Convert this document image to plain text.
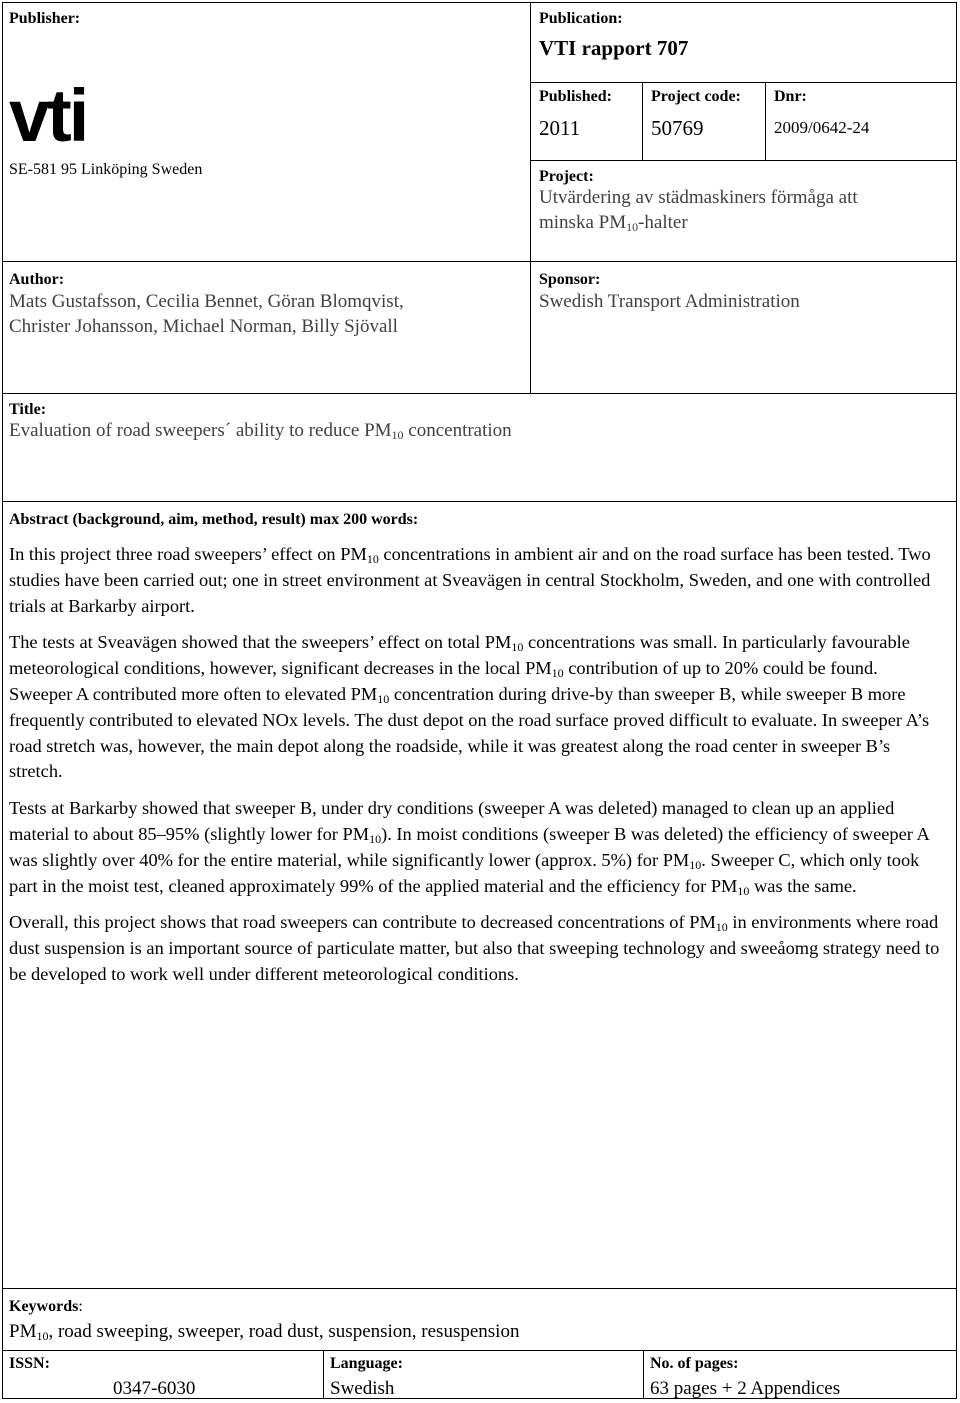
Publisher:
vti
SE-581 95 Linköping Sweden
Publication:
VTI rapport 707
Published:
2011
Project code:
50769
Dnr:
2009/0642-24
Project:
Utvärdering av städmaskiners förmåga att
minska $PM_{10}$-halter
Author:
Mats Gustafsson, Cecilia Bennet, Göran Blomqvist,
Christer Johansson, Michael Norman, Billy Sjövall
Sponsor:
Swedish Transport Administration
Title:
Evaluation of road sweepers´ ability to reduce $PM_{10}$ concentration
Abstract (background, aim, method, result) max 200 words:

In this project three road sweepers’ effect on $PM_{10}$ concentrations in ambient air and on the road surface has been tested. Two studies have been carried out; one in street environment at Sveavägen in central Stockholm, Sweden, and one with controlled trials at Barkarby airport.

The tests at Sveavägen showed that the sweepers’ effect on total $PM_{10}$ concentrations was small. In particularly favourable meteorological conditions, however, significant decreases in the local $PM_{10}$ contribution of up to 20% could be found. Sweeper A contributed more often to elevated $PM_{10}$ concentration during drive-by than sweeper B, while sweeper B more frequently contributed to elevated NOx levels. The dust depot on the road surface proved difficult to evaluate. In sweeper A’s road stretch was, however, the main depot along the roadside, while it was greatest along the road center in sweeper B’s stretch.

Tests at Barkarby showed that sweeper B, under dry conditions (sweeper A was deleted) managed to clean up an applied material to about 85–95% (slightly lower for $PM_{10}$). In moist conditions (sweeper B was deleted) the efficiency of sweeper A was slightly over 40% for the entire material, while significantly lower (approx. 5%) for $PM_{10}$. Sweeper C, which only took part in the moist test, cleaned approximately 99% of the applied material and the efficiency for $PM_{10}$ was the same.

Overall, this project shows that road sweepers can contribute to decreased concentrations of $PM_{10}$ in environments where road dust suspension is an important source of particulate matter, but also that sweeping technology and sweeåomg strategy need to be developed to work well under different meteorological conditions.

Keywords:
$PM_{10}$, road sweeping, sweeper, road dust, suspension, resuspension
ISSN:
0347-6030
Language:
Swedish
No. of pages:
63 pages + 2 Appendices
